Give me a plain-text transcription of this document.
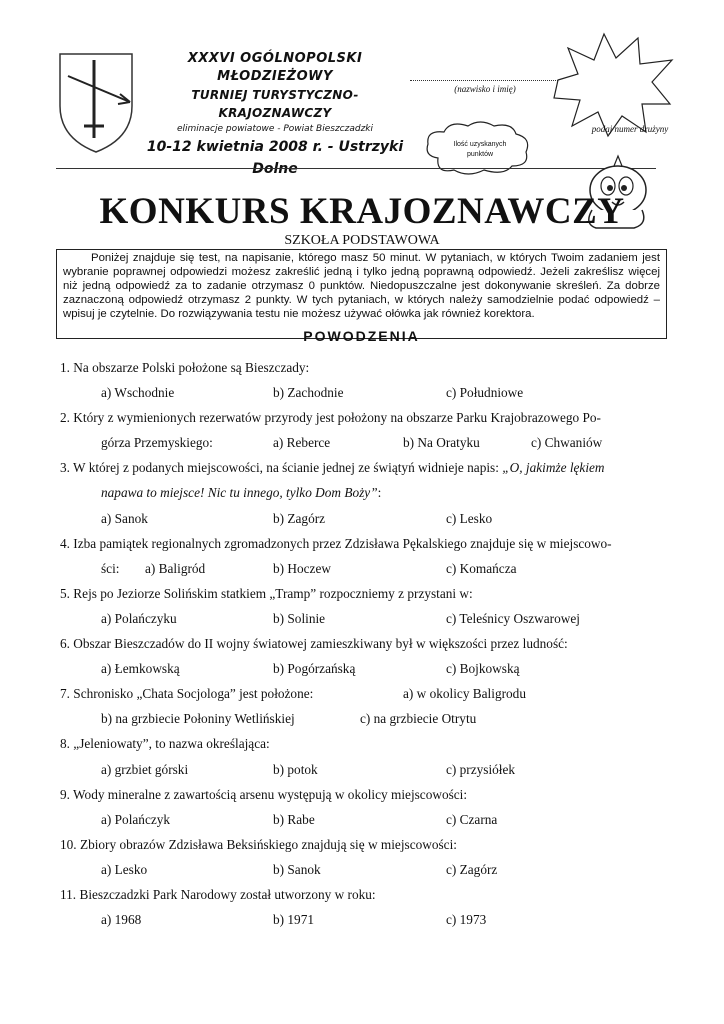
XXXVI OGÓLNOPOLSKI MŁODZIEŻOWY
TURNIEJ TURYSTYCZNO-KRAJOZNAWCZY
eliminacje powiatowe - Powiat Bieszczadzki
10-12 kwietnia 2008 r. - Ustrzyki Dolne
(nazwisko i imię)
Ilość uzyskanych
punktów
podaj numer drużyny
KONKURS KRAJOZNAWCZY
SZKOŁA PODSTAWOWA
Poniżej znajduje się test, na napisanie, którego masz 50 minut. W pytaniach, w których Twoim zadaniem jest wybranie poprawnej odpowiedzi możesz zakreślić jedną i tylko jedną poprawną odpowiedź. Jeżeli zakreślisz więcej niż jedną odpowiedź za to zadanie otrzymasz 0 punktów. Niedopuszczalne jest dokonywanie skreśleń. Za dobrze zaznaczoną odpowiedź otrzymasz 2 punkty. W tych pytaniach, w których należy samodzielnie podać odpowiedź – wpisuj je czytelnie. Do rozwiązywania testu nie możesz używać ołówka jak również korektora.
POWODZENIA
1. Na obszarze Polski położone są Bieszczady:
a) Wschodnie	b) Zachodnie	c) Południowe
2. Który z wymienionych rezerwatów przyrody jest położony na obszarze Parku Krajobrazowego Po-
górza Przemyskiego:	a) Reberce	b) Na Oratyku	c) Chwaniów
3. W której z podanych miejscowości, na ścianie jednej ze świątyń widnieje napis: „O, jakimże lękiem
napawa to miejsce! Nic tu innego, tylko Dom Boży”:
a) Sanok	b) Zagórz	c) Lesko
4. Izba pamiątek regionalnych zgromadzonych przez Zdzisława Pękalskiego znajduje się w miejscowo-
ści: a) Baligród	b) Hoczew	c) Komańcza
5. Rejs po Jeziorze Solińskim statkiem „Tramp” rozpoczniemy z przystani w:
a) Polańczyku	b) Solinie	c) Teleśnicy Oszwarowej
6. Obszar Bieszczadów do II wojny światowej zamieszkiwany był w większości przez ludność:
a) Łemkowską	b) Pogórzańską	c) Bojkowską
7. Schronisko „Chata Socjologa” jest położone:	a) w okolicy Baligrodu
b) na grzbiecie Połoniny Wetlińskiej	c) na grzbiecie Otrytu
8. „Jeleniowaty”, to nazwa określająca:
a) grzbiet górski	b) potok	c) przysiółek
9. Wody mineralne z zawartością arsenu występują w okolicy miejscowości:
a) Polańczyk	b) Rabe	c) Czarna
10. Zbiory obrazów Zdzisława Beksińskiego znajdują się w miejscowości:
a) Lesko	b) Sanok	c) Zagórz
11. Bieszczadzki Park Narodowy został utworzony w roku:
a) 1968	b) 1971	c) 1973
